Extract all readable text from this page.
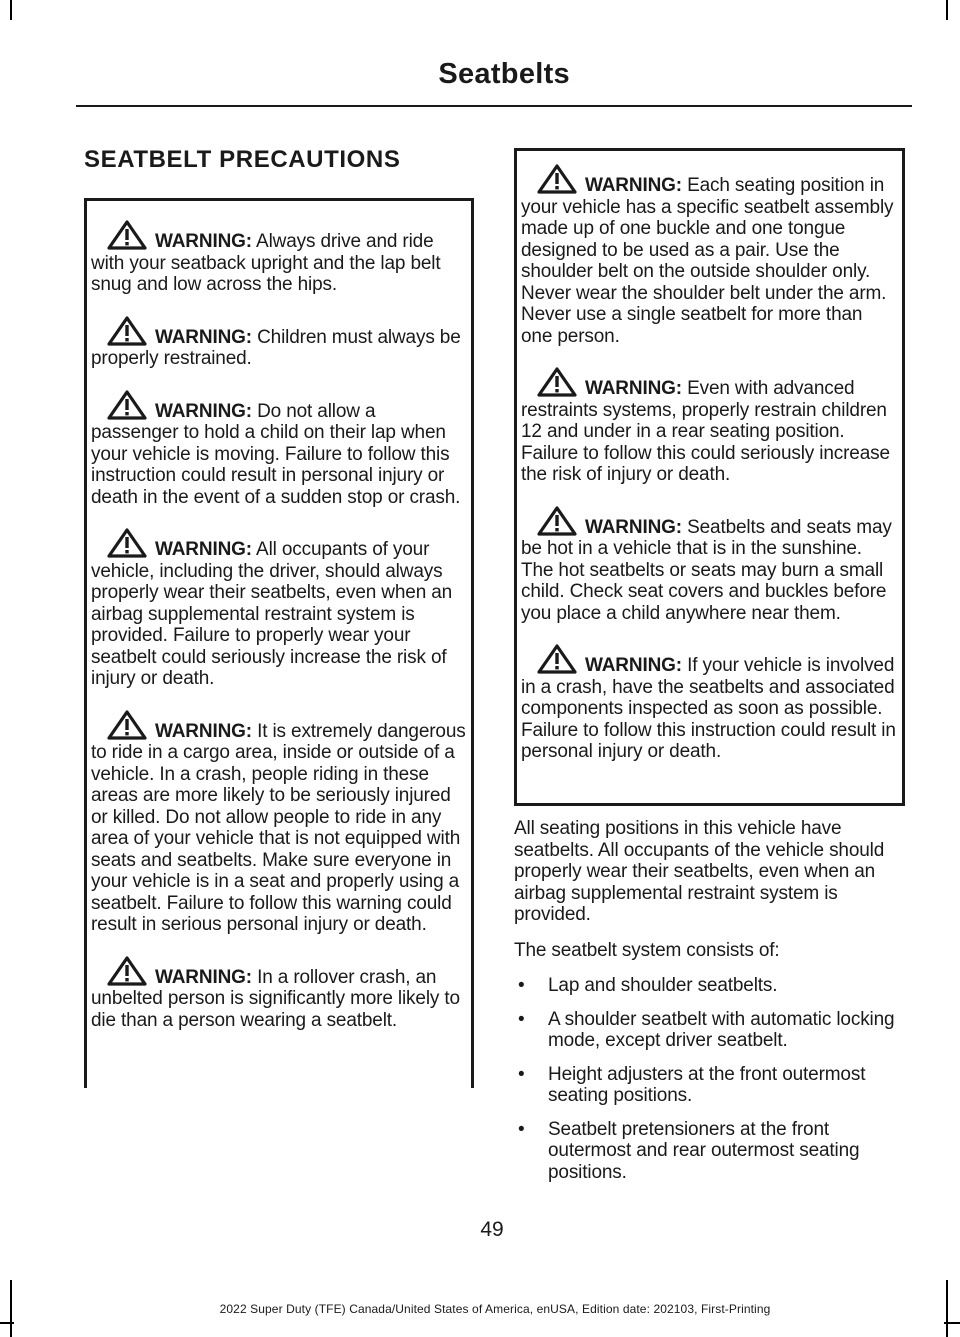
Seatbelts
SEATBELT PRECAUTIONS

WARNING: Always drive and ride with your seatback upright and the lap belt snug and low across the hips.

WARNING: Children must always be properly restrained.

WARNING: Do not allow a passenger to hold a child on their lap when your vehicle is moving. Failure to follow this instruction could result in personal injury or death in the event of a sudden stop or crash.

WARNING: All occupants of your vehicle, including the driver, should always properly wear their seatbelts, even when an airbag supplemental restraint system is provided. Failure to properly wear your seatbelt could seriously increase the risk of injury or death.

WARNING: It is extremely dangerous to ride in a cargo area, inside or outside of a vehicle. In a crash, people riding in these areas are more likely to be seriously injured or killed. Do not allow people to ride in any area of your vehicle that is not equipped with seats and seatbelts. Make sure everyone in your vehicle is in a seat and properly using a seatbelt. Failure to follow this warning could result in serious personal injury or death.

WARNING: In a rollover crash, an unbelted person is significantly more likely to die than a person wearing a seatbelt.

WARNING: Each seating position in your vehicle has a specific seatbelt assembly made up of one buckle and one tongue designed to be used as a pair. Use the shoulder belt on the outside shoulder only. Never wear the shoulder belt under the arm. Never use a single seatbelt for more than one person.

WARNING: Even with advanced restraints systems, properly restrain children 12 and under in a rear seating position. Failure to follow this could seriously increase the risk of injury or death.

WARNING: Seatbelts and seats may be hot in a vehicle that is in the sunshine. The hot seatbelts or seats may burn a small child. Check seat covers and buckles before you place a child anywhere near them.

WARNING: If your vehicle is involved in a crash, have the seatbelts and associated components inspected as soon as possible. Failure to follow this instruction could result in personal injury or death.

All seating positions in this vehicle have seatbelts. All occupants of the vehicle should properly wear their seatbelts, even when an airbag supplemental restraint system is provided.

The seatbelt system consists of:

• Lap and shoulder seatbelts.
• A shoulder seatbelt with automatic locking mode, except driver seatbelt.
• Height adjusters at the front outermost seating positions.
• Seatbelt pretensioners at the front outermost and rear outermost seating positions.
49
2022 Super Duty (TFE) Canada/United States of America, enUSA, Edition date: 202103, First-Printing
